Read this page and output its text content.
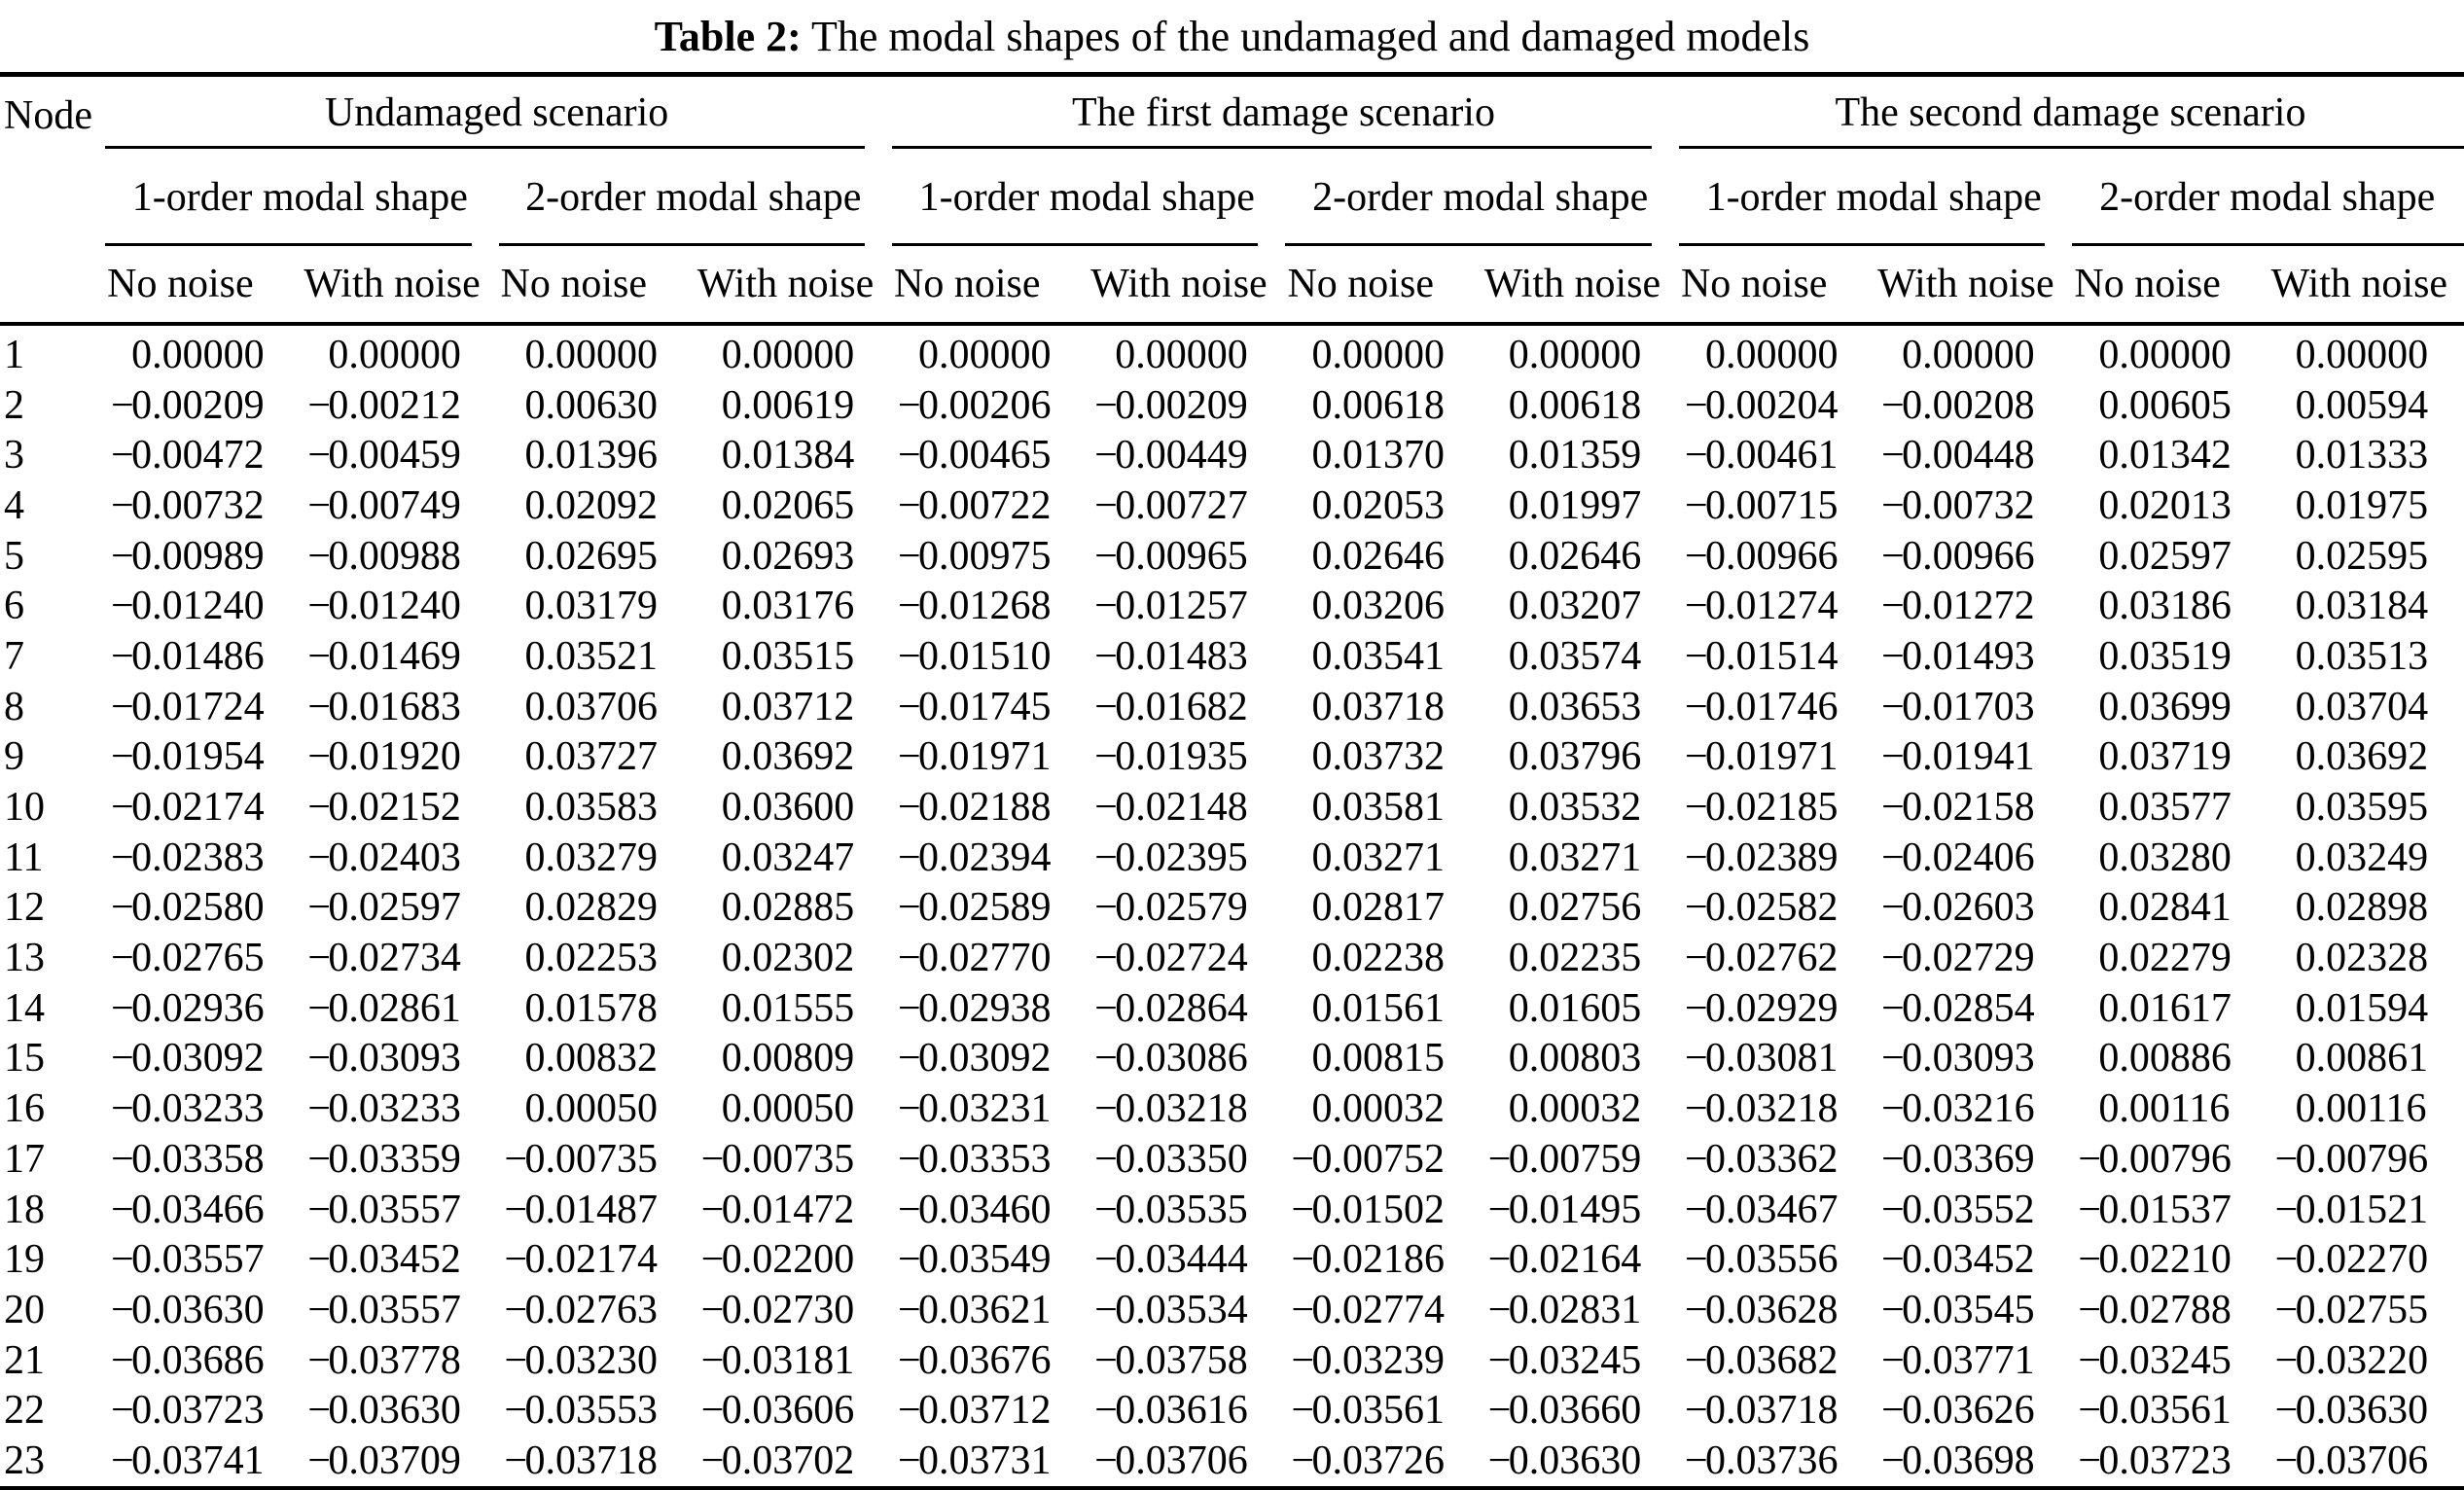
Table 2: The modal shapes of the undamaged and damaged models
Node	Undamaged scenario				The first damage scenario				The second damage scenario			

	1-order modal shape		2-order modal shape		1-order modal shape		2-order modal shape		1-order modal shape		2-order modal shape	

	No noise	With noise	No noise	With noise	No noise	With noise	No noise	With noise	No noise	With noise	No noise	With noise
1	0.00000	0.00000	0.00000	0.00000	0.00000	0.00000	0.00000	0.00000	0.00000	0.00000	0.00000	0.00000
2	−0.00209	−0.00212	0.00630	0.00619	−0.00206	−0.00209	0.00618	0.00618	−0.00204	−0.00208	0.00605	0.00594
3	−0.00472	−0.00459	0.01396	0.01384	−0.00465	−0.00449	0.01370	0.01359	−0.00461	−0.00448	0.01342	0.01333
4	−0.00732	−0.00749	0.02092	0.02065	−0.00722	−0.00727	0.02053	0.01997	−0.00715	−0.00732	0.02013	0.01975
5	−0.00989	−0.00988	0.02695	0.02693	−0.00975	−0.00965	0.02646	0.02646	−0.00966	−0.00966	0.02597	0.02595
6	−0.01240	−0.01240	0.03179	0.03176	−0.01268	−0.01257	0.03206	0.03207	−0.01274	−0.01272	0.03186	0.03184
7	−0.01486	−0.01469	0.03521	0.03515	−0.01510	−0.01483	0.03541	0.03574	−0.01514	−0.01493	0.03519	0.03513
8	−0.01724	−0.01683	0.03706	0.03712	−0.01745	−0.01682	0.03718	0.03653	−0.01746	−0.01703	0.03699	0.03704
9	−0.01954	−0.01920	0.03727	0.03692	−0.01971	−0.01935	0.03732	0.03796	−0.01971	−0.01941	0.03719	0.03692
10	−0.02174	−0.02152	0.03583	0.03600	−0.02188	−0.02148	0.03581	0.03532	−0.02185	−0.02158	0.03577	0.03595
11	−0.02383	−0.02403	0.03279	0.03247	−0.02394	−0.02395	0.03271	0.03271	−0.02389	−0.02406	0.03280	0.03249
12	−0.02580	−0.02597	0.02829	0.02885	−0.02589	−0.02579	0.02817	0.02756	−0.02582	−0.02603	0.02841	0.02898
13	−0.02765	−0.02734	0.02253	0.02302	−0.02770	−0.02724	0.02238	0.02235	−0.02762	−0.02729	0.02279	0.02328
14	−0.02936	−0.02861	0.01578	0.01555	−0.02938	−0.02864	0.01561	0.01605	−0.02929	−0.02854	0.01617	0.01594
15	−0.03092	−0.03093	0.00832	0.00809	−0.03092	−0.03086	0.00815	0.00803	−0.03081	−0.03093	0.00886	0.00861
16	−0.03233	−0.03233	0.00050	0.00050	−0.03231	−0.03218	0.00032	0.00032	−0.03218	−0.03216	0.00116	0.00116
17	−0.03358	−0.03359	−0.00735	−0.00735	−0.03353	−0.03350	−0.00752	−0.00759	−0.03362	−0.03369	−0.00796	−0.00796
18	−0.03466	−0.03557	−0.01487	−0.01472	−0.03460	−0.03535	−0.01502	−0.01495	−0.03467	−0.03552	−0.01537	−0.01521
19	−0.03557	−0.03452	−0.02174	−0.02200	−0.03549	−0.03444	−0.02186	−0.02164	−0.03556	−0.03452	−0.02210	−0.02270
20	−0.03630	−0.03557	−0.02763	−0.02730	−0.03621	−0.03534	−0.02774	−0.02831	−0.03628	−0.03545	−0.02788	−0.02755
21	−0.03686	−0.03778	−0.03230	−0.03181	−0.03676	−0.03758	−0.03239	−0.03245	−0.03682	−0.03771	−0.03245	−0.03220
22	−0.03723	−0.03630	−0.03553	−0.03606	−0.03712	−0.03616	−0.03561	−0.03660	−0.03718	−0.03626	−0.03561	−0.03630
23	−0.03741	−0.03709	−0.03718	−0.03702	−0.03731	−0.03706	−0.03726	−0.03630	−0.03736	−0.03698	−0.03723	−0.03706
